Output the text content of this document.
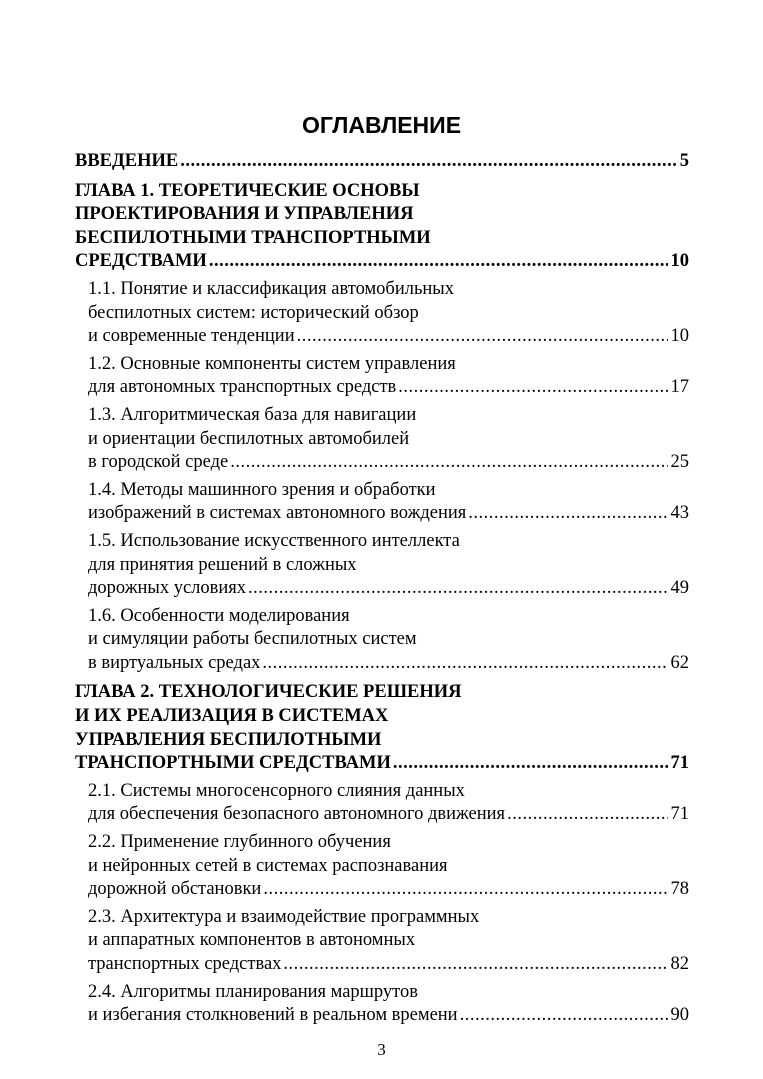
ОГЛАВЛЕНИЕ
ВВЕДЕНИЕ .....	5
ГЛАВА 1. ТЕОРЕТИЧЕСКИЕ ОСНОВЫ
ПРОЕКТИРОВАНИЯ И УПРАВЛЕНИЯ
БЕСПИЛОТНЫМИ ТРАНСПОРТНЫМИ
СРЕДСТВАМИ .....	10
1.1. Понятие и классификация автомобильных
беспилотных систем: исторический обзор
и современные тенденции .....	10
1.2. Основные компоненты систем управления
для автономных транспортных средств .....	17
1.3. Алгоритмическая база для навигации
и ориентации беспилотных автомобилей
в городской среде .....	25
1.4. Методы машинного зрения и обработки
изображений в системах автономного вождения .....	43
1.5. Использование искусственного интеллекта
для принятия решений в сложных
дорожных условиях .....	49
1.6. Особенности моделирования
и симуляции работы беспилотных систем
в виртуальных средах .....	62
ГЛАВА 2. ТЕХНОЛОГИЧЕСКИЕ РЕШЕНИЯ
И ИХ РЕАЛИЗАЦИЯ В СИСТЕМАХ
УПРАВЛЕНИЯ БЕСПИЛОТНЫМИ
ТРАНСПОРТНЫМИ СРЕДСТВАМИ .....	71
2.1. Системы многосенсорного слияния данных
для обеспечения безопасного автономного движения .....	71
2.2. Применение глубинного обучения
и нейронных сетей в системах распознавания
дорожной обстановки .....	78
2.3. Архитектура и взаимодействие программных
и аппаратных компонентов в автономных
транспортных средствах .....	82
2.4. Алгоритмы планирования маршрутов
и избегания столкновений в реальном времени .....	90
3
